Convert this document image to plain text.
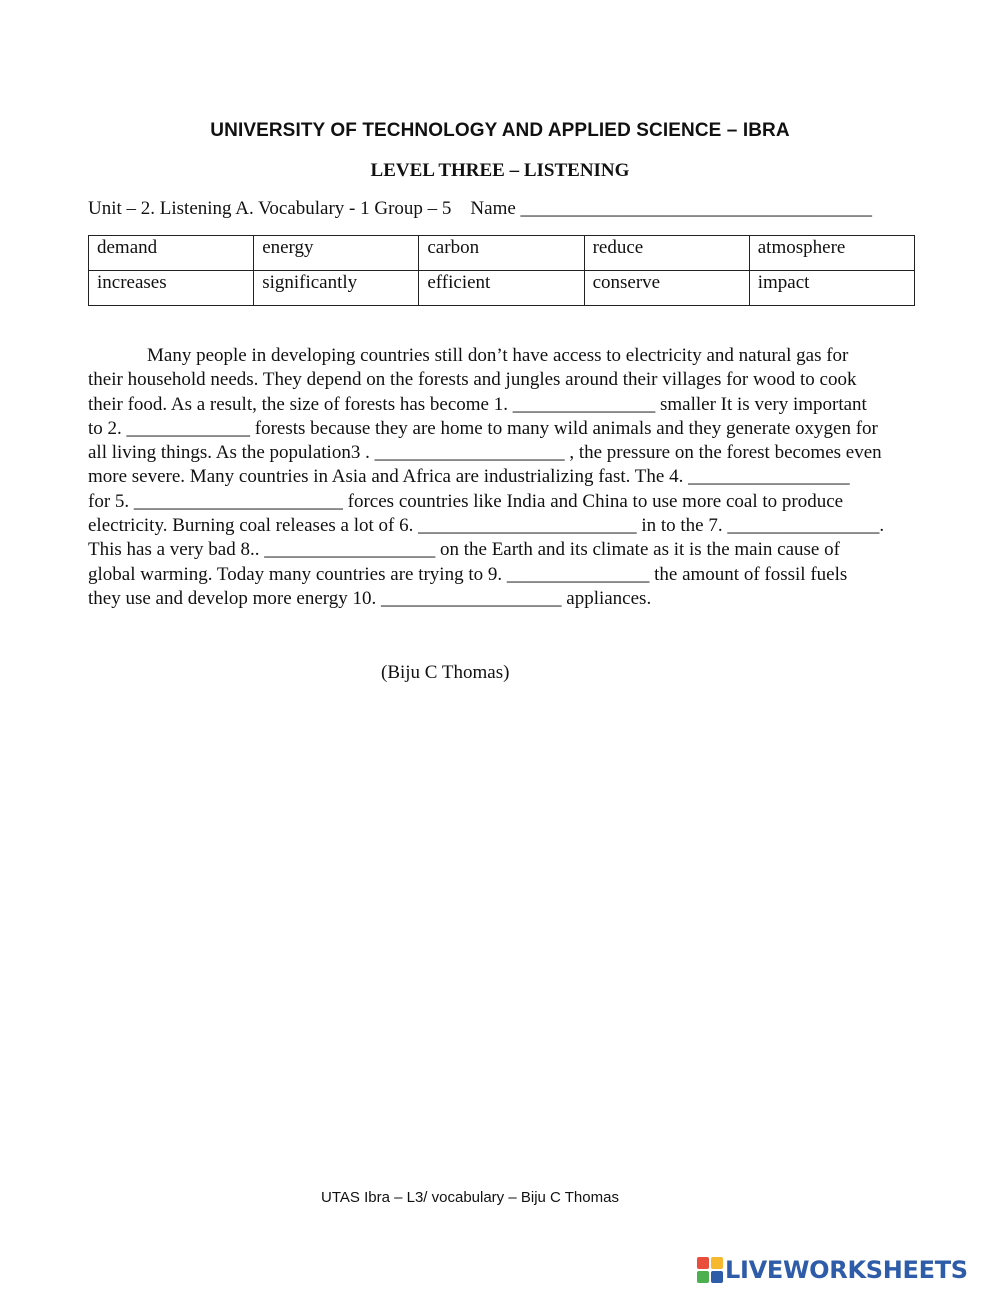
UNIVERSITY OF TECHNOLOGY AND APPLIED SCIENCE – IBRA
LEVEL THREE – LISTENING
Unit – 2. Listening A. Vocabulary - 1 Group – 5    Name _____________________________________
demand	energy	carbon	reduce	atmosphere
increases	significantly	efficient	conserve	impact
Many people in developing countries still don’t have access to electricity and natural gas for
their household needs. They depend on the forests and jungles around their villages for wood to cook
their food. As a result, the size of forests has become 1. _______________ smaller It is very important
to 2. _____________ forests because they are home to many wild animals and they generate oxygen for
all living things. As the population3 . ____________________ , the pressure on the forest becomes even
more severe. Many countries in Asia and Africa are industrializing fast. The 4. _________________
for 5. ______________________ forces countries like India and China to use more coal to produce
electricity. Burning coal releases a lot of 6. _______________________ in to the 7. ________________.
This has a very bad 8.. __________________ on the Earth and its climate as it is the main cause of
global warming. Today many countries are trying to 9. _______________ the amount of fossil fuels
they use and develop more energy 10. ___________________ appliances.
(Biju C Thomas)
UTAS Ibra – L3/ vocabulary – Biju C Thomas
LIVEWORKSHEETS
